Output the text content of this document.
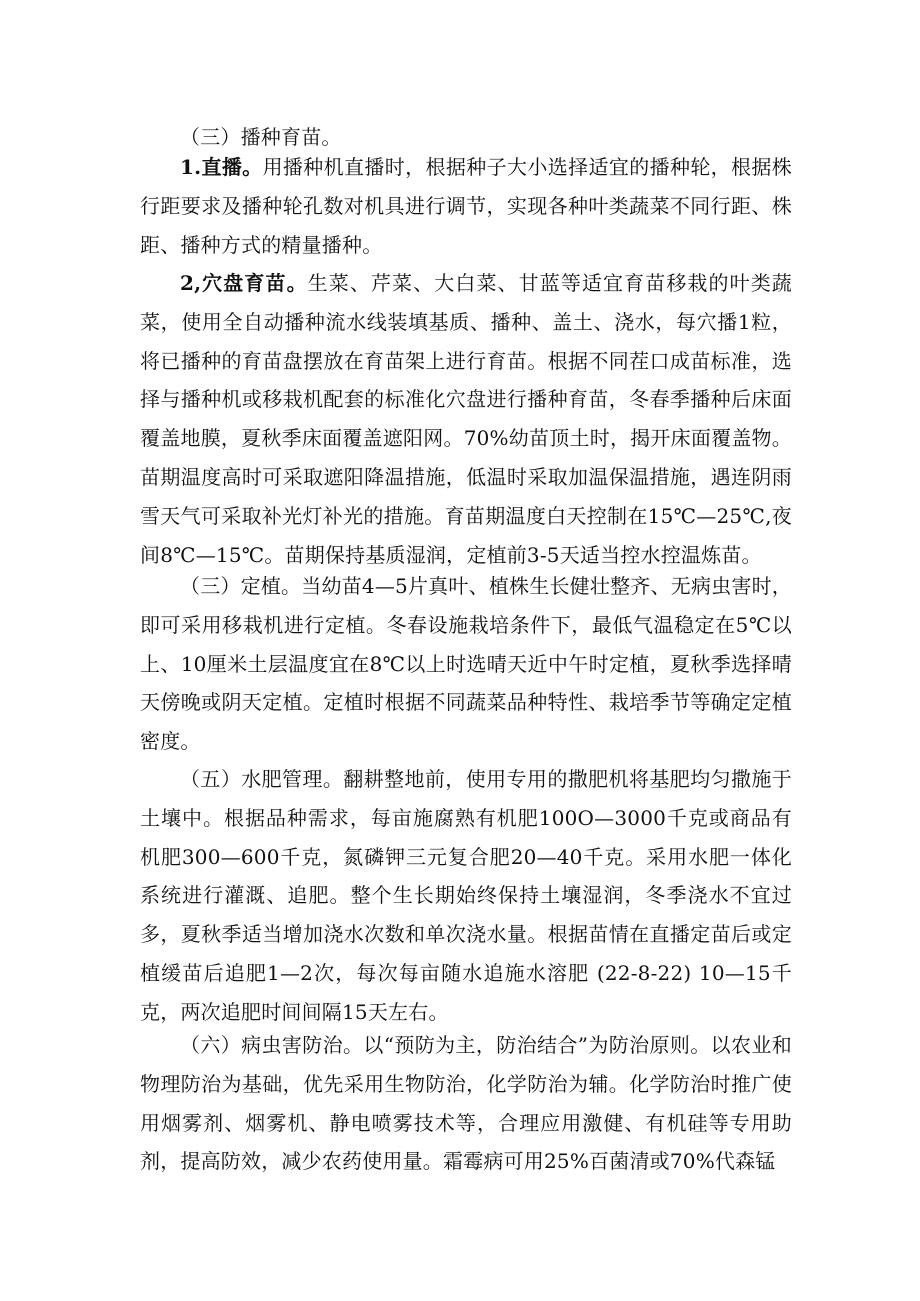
（三）播种育苗。

1.直播。用播种机直播时，根据种子大小选择适宜的播种轮，根据株行距要求及播种轮孔数对机具进行调节，实现各种叶类蔬菜不同行距、株距、播种方式的精量播种。

2,穴盘育苗。生菜、芹菜、大白菜、甘蓝等适宜育苗移栽的叶类蔬菜，使用全自动播种流水线装填基质、播种、盖土、浇水，每穴播1粒，将已播种的育苗盘摆放在育苗架上进行育苗。根据不同茬口成苗标准，选择与播种机或移栽机配套的标准化穴盘进行播种育苗，冬春季播种后床面覆盖地膜，夏秋季床面覆盖遮阳网。70%幼苗顶土时，揭开床面覆盖物。苗期温度高时可采取遮阳降温措施，低温时采取加温保温措施，遇连阴雨雪天气可采取补光灯补光的措施。育苗期温度白天控制在15℃—25℃,夜间8℃—15℃。苗期保持基质湿润，定植前3-5天适当控水控温炼苗。

（三）定植。当幼苗4—5片真叶、植株生长健壮整齐、无病虫害时，即可采用移栽机进行定植。冬春设施栽培条件下，最低气温稳定在5℃以上、10厘米土层温度宜在8℃以上时选晴天近中午时定植，夏秋季选择晴天傍晚或阴天定植。定植时根据不同蔬菜品种特性、栽培季节等确定定植密度。

（五）水肥管理。翻耕整地前，使用专用的撒肥机将基肥均匀撒施于土壤中。根据品种需求，每亩施腐熟有机肥100O—3000千克或商品有机肥300—600千克，氮磷钾三元复合肥20—40千克。采用水肥一体化系统进行灌溉、追肥。整个生长期始终保持土壤湿润，冬季浇水不宜过多，夏秋季适当增加浇水次数和单次浇水量。根据苗情在直播定苗后或定植缓苗后追肥1—2次，每次每亩随水追施水溶肥 (22-8-22) 10—15千克，两次追肥时间间隔15天左右。

（六）病虫害防治。以“预防为主，防治结合”为防治原则。以农业和物理防治为基础，优先采用生物防治，化学防治为辅。化学防治时推广使用烟雾剂、烟雾机、静电喷雾技术等，合理应用激健、有机硅等专用助剂，提高防效，减少农药使用量。霜霉病可用25%百菌清或70%代森锰
